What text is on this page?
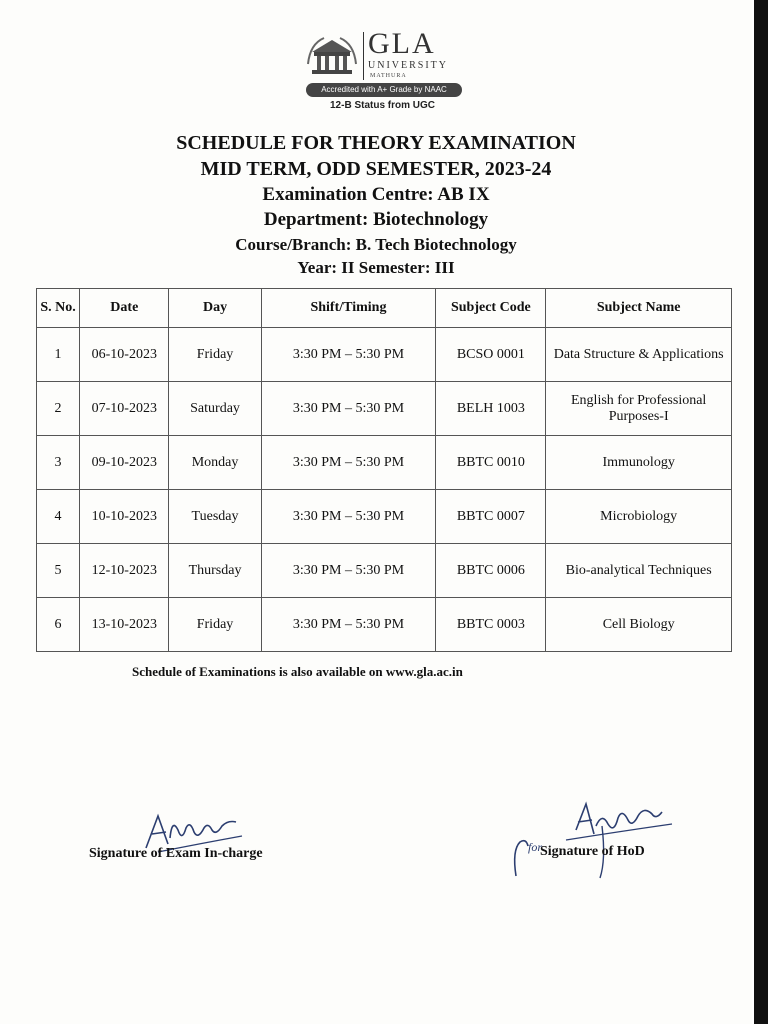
GLA
UNIVERSITY
MATHURA
Accredited with A+ Grade by NAAC
12-B Status from UGC
SCHEDULE FOR THEORY EXAMINATION
MID TERM, ODD SEMESTER, 2023-24
Examination Centre: AB IX
Department: Biotechnology
Course/Branch: B. Tech Biotechnology
Year: II Semester: III
S. No.	Date	Day	Shift/Timing	Subject Code	Subject Name
1	06-10-2023	Friday	3:30 PM – 5:30 PM	BCSO 0001	Data Structure & Applications
2	07-10-2023	Saturday	3:30 PM – 5:30 PM	BELH 1003	English for Professional Purposes-I
3	09-10-2023	Monday	3:30 PM – 5:30 PM	BBTC 0010	Immunology
4	10-10-2023	Tuesday	3:30 PM – 5:30 PM	BBTC 0007	Microbiology
5	12-10-2023	Thursday	3:30 PM – 5:30 PM	BBTC 0006	Bio-analytical Techniques
6	13-10-2023	Friday	3:30 PM – 5:30 PM	BBTC 0003	Cell Biology
Schedule of Examinations is also available on www.gla.ac.in
Signature of Exam In-charge	Signature of HoD
for
